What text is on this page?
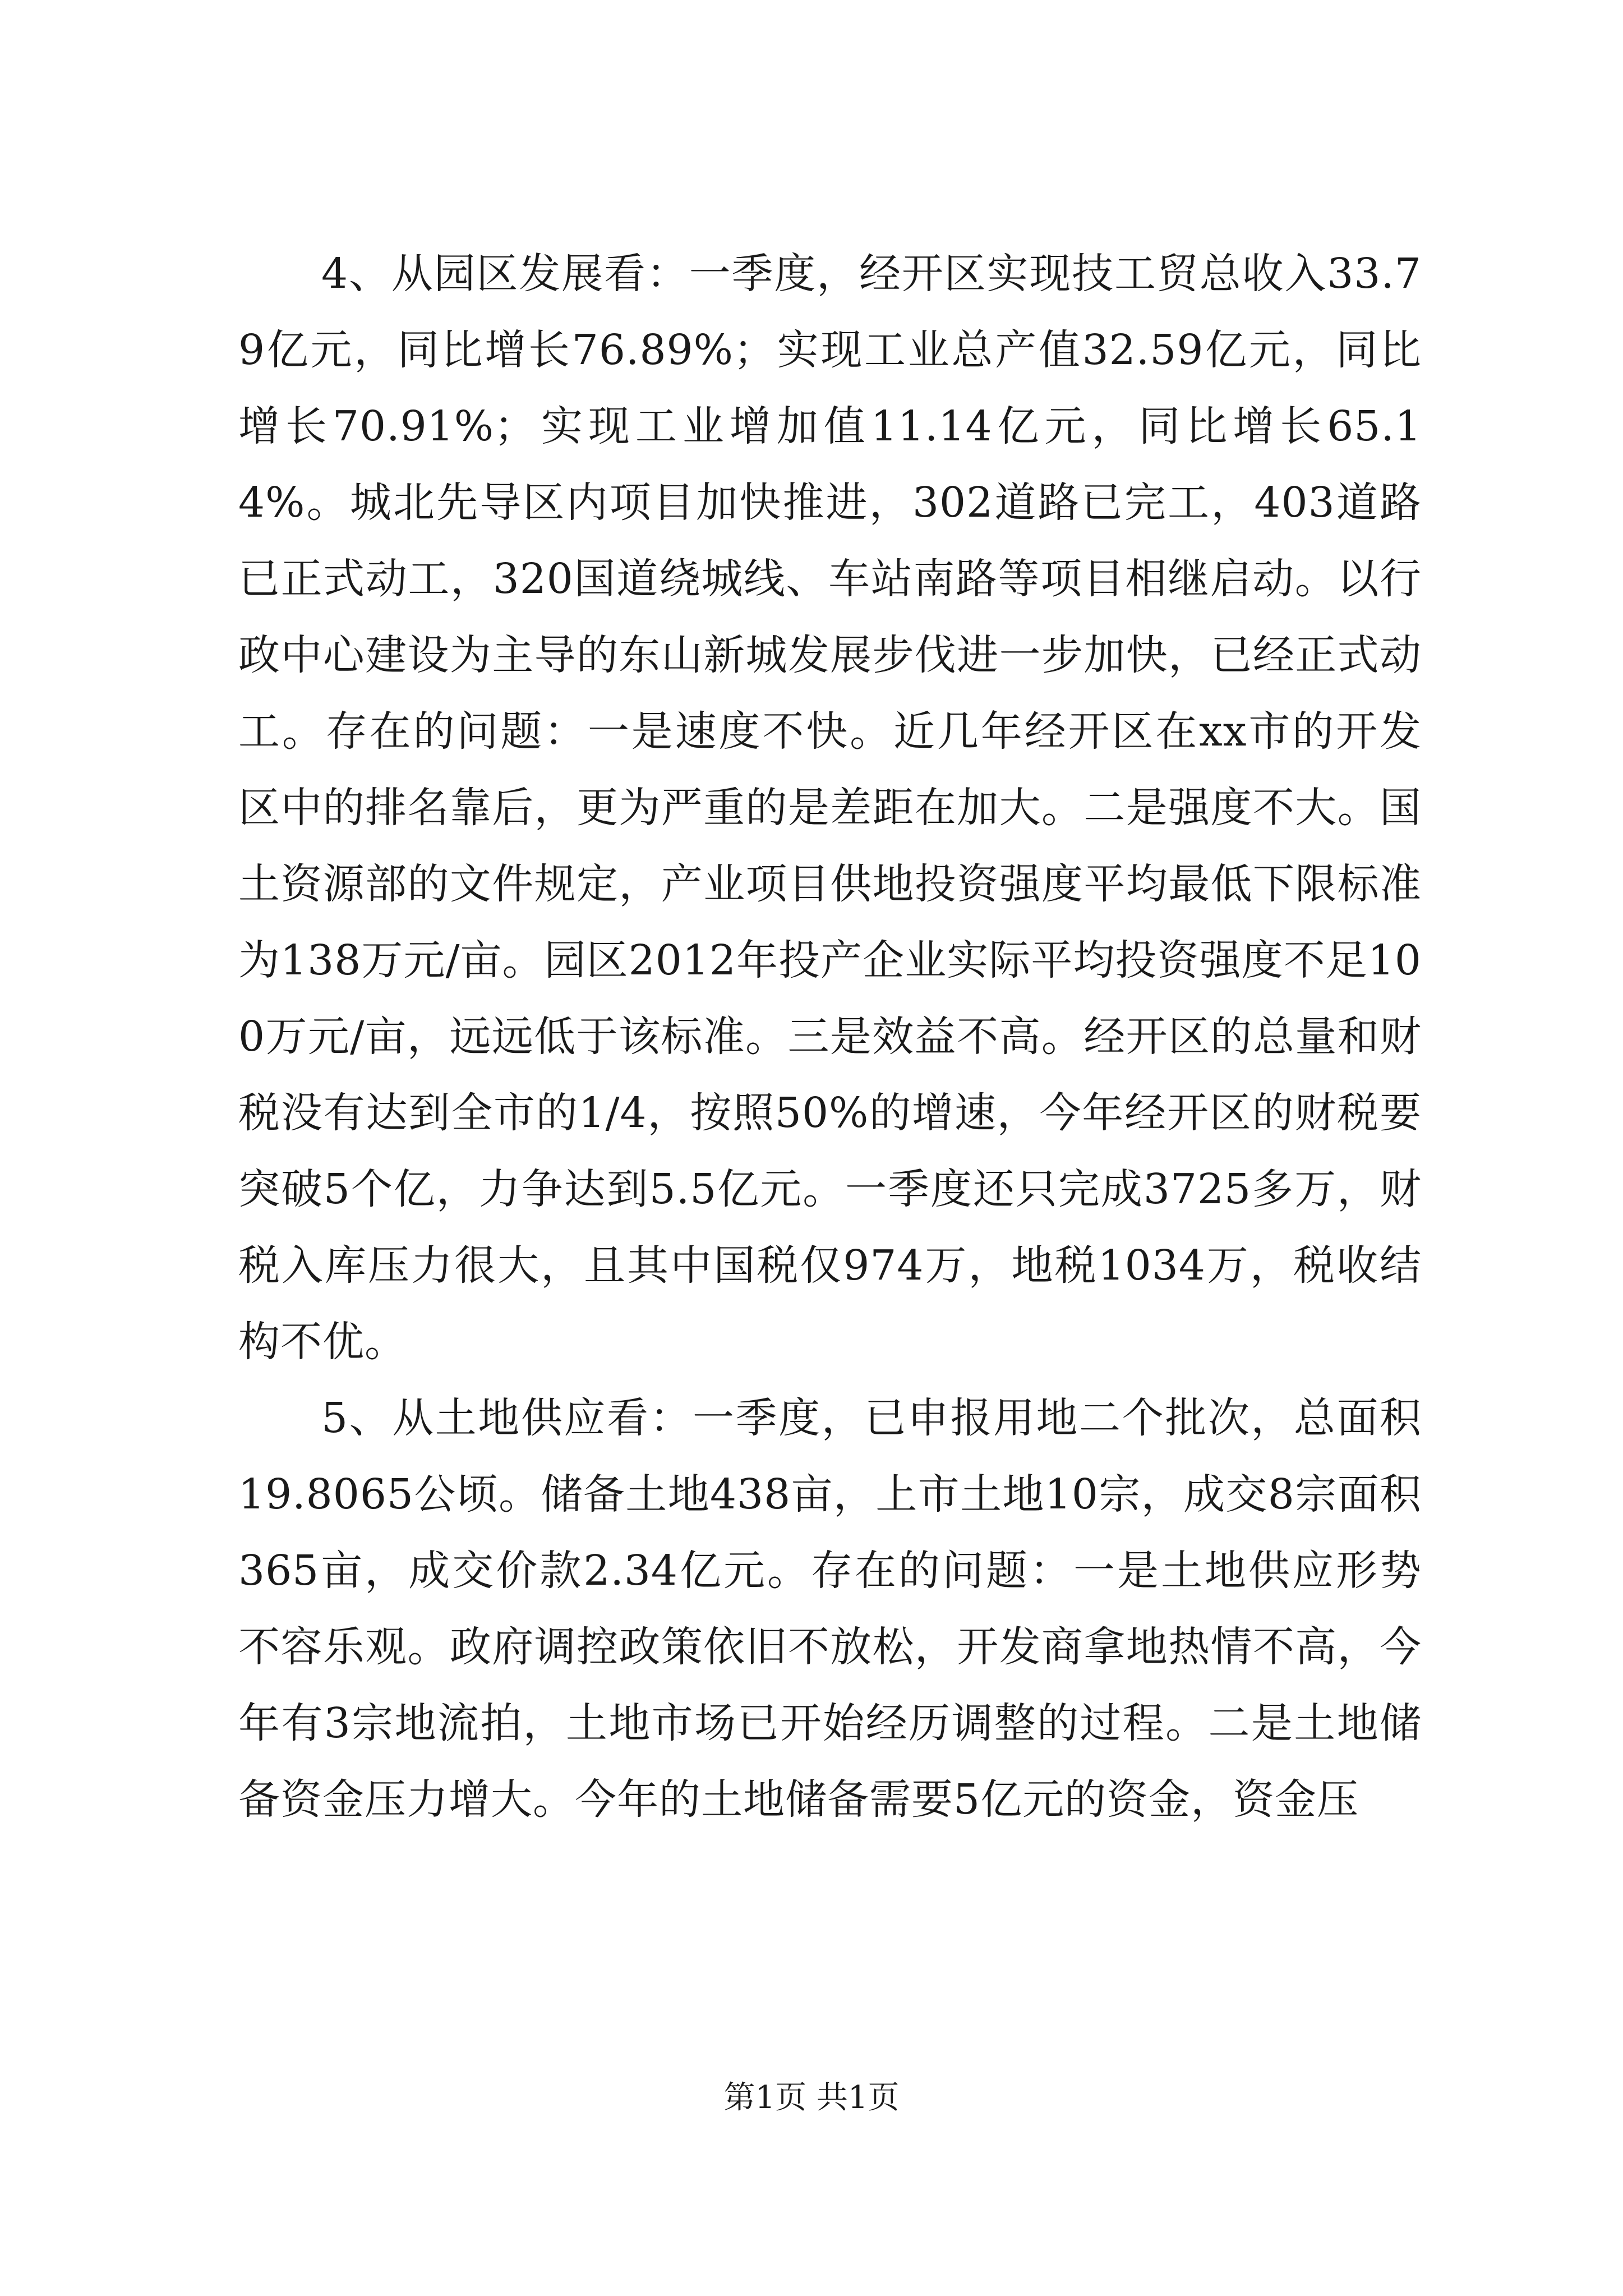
4、从园区发展看：一季度，经开区实现技工贸总收入33.79亿元，同比增长76.89%；实现工业总产值32.59亿元，同比增长70.91%；实现工业增加值11.14亿元，同比增长65.14%。城北先导区内项目加快推进，302道路已完工，403道路已正式动工，320国道绕城线、车站南路等项目相继启动。以行政中心建设为主导的东山新城发展步伐进一步加快，已经正式动工。存在的问题：一是速度不快。近几年经开区在xx市的开发区中的排名靠后，更为严重的是差距在加大。二是强度不大。国土资源部的文件规定，产业项目供地投资强度平均最低下限标准为138万元/亩。园区2012年投产企业实际平均投资强度不足100万元/亩，远远低于该标准。三是效益不高。经开区的总量和财税没有达到全市的1/4，按照50%的增速，今年经开区的财税要突破5个亿，力争达到5.5亿元。一季度还只完成3725多万，财税入库压力很大，且其中国税仅974万，地税1034万，税收结构不优。

5、从土地供应看：一季度，已申报用地二个批次，总面积19.8065公顷。储备土地438亩，上市土地10宗，成交8宗面积365亩，成交价款2.34亿元。存在的问题：一是土地供应形势不容乐观。政府调控政策依旧不放松，开发商拿地热情不高，今年有3宗地流拍，土地市场已开始经历调整的过程。二是土地储备资金压力增大。今年的土地储备需要5亿元的资金，资金压

第1页 共1页
